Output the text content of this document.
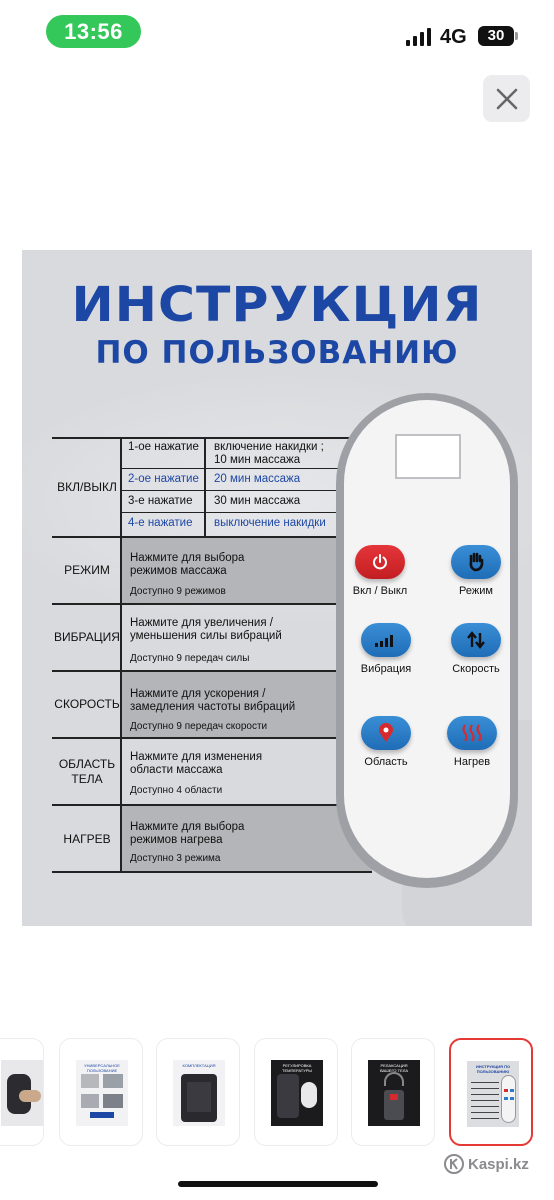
13:56	4G	30
ИНСТРУКЦИЯ
ПО ПОЛЬЗОВАНИЮ
ВКЛ/ВЫКЛ
1-ое нажатие включение накидки ;
10 мин массажа
2-ое нажатие 20 мин массажа
3-е нажатие 30 мин массажа
4-е нажатие выключение накидки
РЕЖИМ
Нажмите для выбора
режимов массажа
Доступно 9 режимов
ВИБРАЦИЯ
Нажмите для увеличения /
уменьшения силы вибраций
Доступно 9 передач силы
СКОРОСТЬ
Нажмите для ускорения /
замедления частоты вибраций
Доступно 9 передач скорости
ОБЛАСТЬ
ТЕЛА
Нажмите для изменения
области массажа
Доступно 4 области
НАГРЕВ
Нажмите для выбора
режимов нагрева
Доступно 3 режима
Вкл / Выкл	Режим
Вибрация	Скорость
Область	Нагрев
УНИВЕРСАЛЬНОЕ ПОЛЬЗОВАНИЕ
КОМПЛЕКТАЦИЯ	РЕГУЛИРОВКА ТЕМПЕРАТУРЫ
РЕЛАКСАЦИЯ ВАШЕГО ТЕЛА
ИНСТРУКЦИЯ ПО ПОЛЬЗОВАНИЮ
Kaspi.kz
